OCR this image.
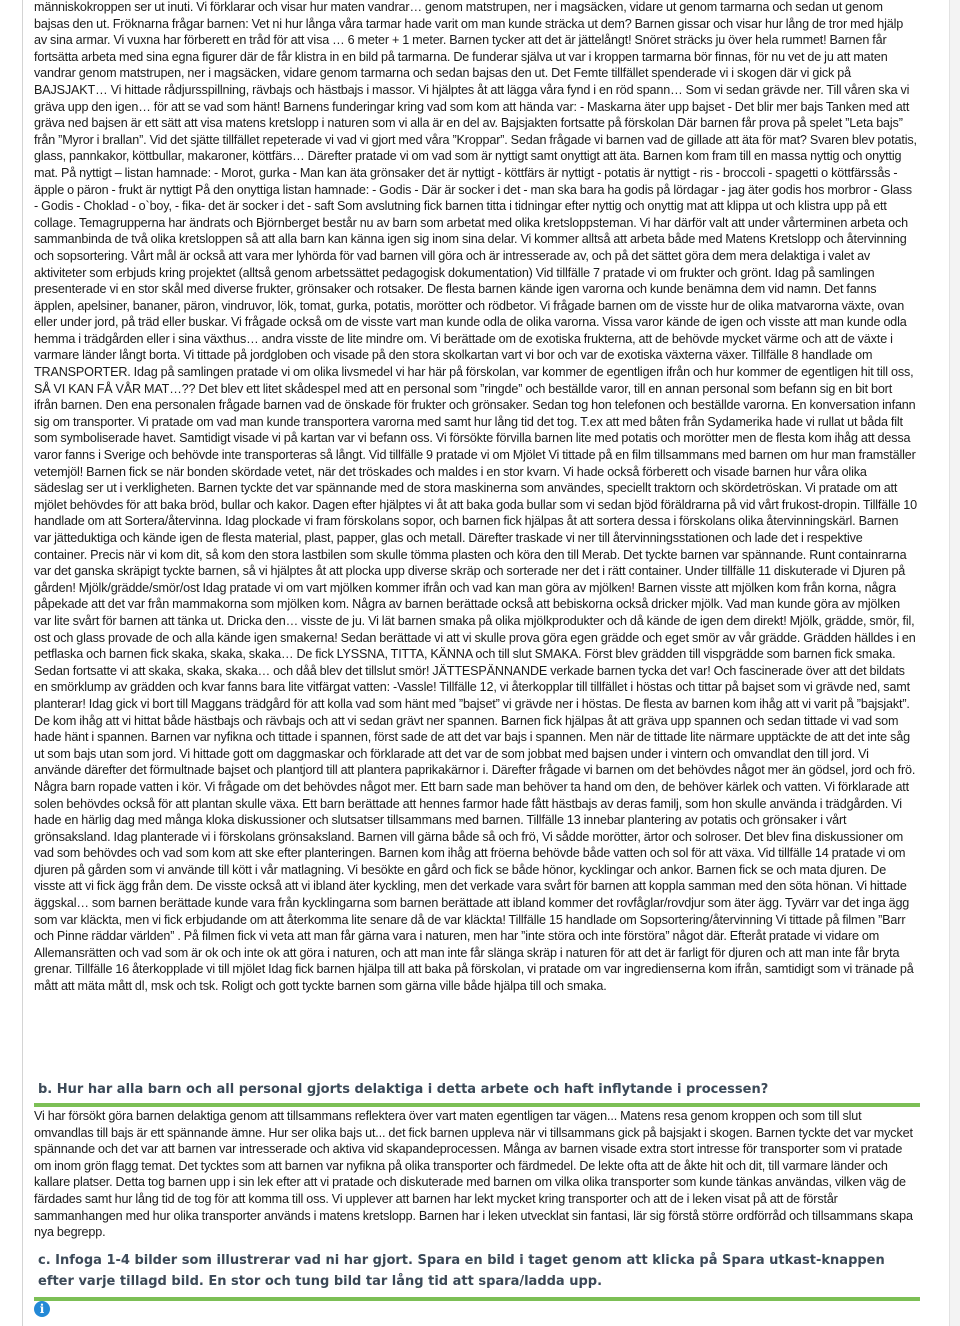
människokroppen ser ut inuti. Vi förklarar och visar hur maten vandrar… genom matstrupen, ner i magsäcken, vidare ut genom tarmarna och sedan ut genom bajsas den ut. Fröknarna frågar barnen: Vet ni hur långa våra tarmar hade varit om man kunde sträcka ut dem? Barnen gissar och visar hur lång de tror med hjälp av sina armar. Vi vuxna har förberett en tråd för att visa … 6 meter + 1 meter. Barnen tycker att det är jättelångt! Snöret sträcks ju över hela rummet! Barnen får fortsätta arbeta med sina egna figurer där de får klistra in en bild på tarmarna. De funderar själva ut var i kroppen tarmarna bör finnas, för nu vet de ju att maten vandrar genom matstrupen, ner i magsäcken, vidare genom tarmarna och sedan bajsas den ut. Det Femte tillfället spenderade vi i skogen där vi gick på BAJSJAKT… Vi hittade rådjursspillning, rävbajs och hästbajs i massor. Vi hjälptes åt att lägga våra fynd i en röd spann… Som vi sedan grävde ner. Till våren ska vi gräva upp den igen… för att se vad som hänt! Barnens funderingar kring vad som kom att hända var: - Maskarna äter upp bajset - Det blir mer bajs Tanken med att gräva ned bajsen är ett sätt att visa matens kretslopp i naturen som vi alla är en del av. Bajsjakten fortsatte på förskolan Där barnen får prova på spelet ”Leta bajs” från ”Myror i brallan”. Vid det sjätte tillfället repeterade vi vad vi gjort med våra ”Kroppar”. Sedan frågade vi barnen vad de gillade att äta för mat? Svaren blev potatis, glass, pannkakor, köttbullar, makaroner, köttfärs… Därefter pratade vi om vad som är nyttigt samt onyttigt att äta. Barnen kom fram till en massa nyttig och onyttig mat. På nyttigt – listan hamnade: - Morot, gurka - Man kan äta grönsaker det är nyttigt - köttfärs är nyttigt - potatis är nyttigt - ris - broccoli - spagetti o köttfärssås - äpple o päron - frukt är nyttigt På den onyttiga listan hamnade: - Godis - Där är socker i det - man ska bara ha godis på lördagar - jag äter godis hos morbror - Glass - Godis - Choklad - o`boy, - fika- det är socker i det - saft Som avslutning fick barnen titta i tidningar efter nyttig och onyttig mat att klippa ut och klistra upp på ett collage. Temagrupperna har ändrats och Björnberget består nu av barn som arbetat med olika kretsloppsteman. Vi har därför valt att under vårterminen arbeta och sammanbinda de två olika kretsloppen så att alla barn kan känna igen sig inom sina delar. Vi kommer alltså att arbeta både med Matens Kretslopp och återvinning och sopsortering. Vårt mål är också att vara mer lyhörda för vad barnen vill göra och är intresserade av, och på det sättet göra dem mera delaktiga i valet av aktiviteter som erbjuds kring projektet (alltså genom arbetssättet pedagogisk dokumentation) Vid tillfälle 7 pratade vi om frukter och grönt. Idag på samlingen presenterade vi en stor skål med diverse frukter, grönsaker och rotsaker. De flesta barnen kände igen varorna och kunde benämna dem vid namn. Det fanns äpplen, apelsiner, bananer, päron, vindruvor, lök, tomat, gurka, potatis, morötter och rödbetor. Vi frågade barnen om de visste hur de olika matvarorna växte, ovan eller under jord, på träd eller buskar. Vi frågade också om de visste vart man kunde odla de olika varorna. Vissa varor kände de igen och visste att man kunde odla hemma i trädgården eller i sina växthus… andra visste de lite mindre om. Vi berättade om de exotiska frukterna, att de behövde mycket värme och att de växte i varmare länder långt borta. Vi tittade på jordgloben och visade på den stora skolkartan vart vi bor och var de exotiska växterna växer. Tillfälle 8 handlade om TRANSPORTER. Idag på samlingen pratade vi om olika livsmedel vi har här på förskolan, var kommer de egentligen ifrån och hur kommer de egentligen hit till oss, SÅ VI KAN FÅ VÅR MAT…?? Det blev ett litet skådespel med att en personal som ”ringde” och beställde varor, till en annan personal som befann sig en bit bort ifrån barnen. Den ena personalen frågade barnen vad de önskade för frukter och grönsaker. Sedan tog hon telefonen och beställde varorna. En konversation infann sig om transporter. Vi pratade om vad man kunde transportera varorna med samt hur lång tid det tog. T.ex att med båten från Sydamerika hade vi rullat ut båda filt som symboliserade havet. Samtidigt visade vi på kartan var vi befann oss. Vi försökte förvilla barnen lite med potatis och morötter men de flesta kom ihåg att dessa varor fanns i Sverige och behövde inte transporteras så långt. Vid tillfälle 9 pratade vi om Mjölet Vi tittade på en film tillsammans med barnen om hur man framställer vetemjöl! Barnen fick se när bonden skördade vetet, när det tröskades och maldes i en stor kvarn. Vi hade också förberett och visade barnen hur våra olika sädeslag ser ut i verkligheten. Barnen tyckte det var spännande med de stora maskinerna som användes, speciellt traktorn och skördetröskan. Vi pratade om att mjölet behövdes för att baka bröd, bullar och kakor. Dagen efter hjälptes vi åt att baka goda bullar som vi sedan bjöd föräldrarna på vid vårt frukost-dropin. Tillfälle 10 handlade om att Sortera/återvinna. Idag plockade vi fram förskolans sopor, och barnen fick hjälpas åt att sortera dessa i förskolans olika återvinningskärl. Barnen var jätteduktiga och kände igen de flesta material, plast, papper, glas och metall. Därefter traskade vi ner till återvinningsstationen och lade det i respektive container. Precis när vi kom dit, så kom den stora lastbilen som skulle tömma plasten och köra den till Merab. Det tyckte barnen var spännande. Runt containrarna var det ganska skräpigt tyckte barnen, så vi hjälptes åt att plocka upp diverse skräp och sorterade ner det i rätt container. Under tillfälle 11 diskuterade vi Djuren på gården! Mjölk/grädde/smör/ost Idag pratade vi om vart mjölken kommer ifrån och vad kan man göra av mjölken! Barnen visste att mjölken kom från korna, några påpekade att det var från mammakorna som mjölken kom. Några av barnen berättade också att bebiskorna också dricker mjölk. Vad man kunde göra av mjölken var lite svårt för barnen att tänka ut. Dricka den… visste de ju. Vi lät barnen smaka på olika mjölkprodukter och då kände de igen dem direkt! Mjölk, grädde, smör, fil, ost och glass provade de och alla kände igen smakerna! Sedan berättade vi att vi skulle prova göra egen grädde och eget smör av vår grädde. Grädden hälldes i en petflaska och barnen fick skaka, skaka, skaka… De fick LYSSNA, TITTA, KÄNNA och till slut SMAKA. Först blev grädden till vispgrädde som barnen fick smaka. Sedan fortsatte vi att skaka, skaka, skaka… och dåå blev det tillslut smör! JÄTTESPÄNNANDE verkade barnen tycka det var! Och fascinerade över att det bildats en smörklump av grädden och kvar fanns bara lite vitfärgat vatten: -Vassle! Tillfälle 12, vi återkopplar till tillfället i höstas och tittar på bajset som vi grävde ned, samt planterar! Idag gick vi bort till Maggans trädgård för att kolla vad som hänt med ”bajset” vi grävde ner i höstas. De flesta av barnen kom ihåg att vi varit på ”bajsjakt”. De kom ihåg att vi hittat både hästbajs och rävbajs och att vi sedan grävt ner spannen. Barnen fick hjälpas åt att gräva upp spannen och sedan tittade vi vad som hade hänt i spannen. Barnen var nyfikna och tittade i spannen, först sade de att det var bajs i spannen. Men när de tittade lite närmare upptäckte de att det inte såg ut som bajs utan som jord. Vi hittade gott om daggmaskar och förklarade att det var de som jobbat med bajsen under i vintern och omvandlat den till jord. Vi använde därefter det förmultnade bajset och plantjord till att plantera paprikakärnor i. Därefter frågade vi barnen om det behövdes något mer än gödsel, jord och frö. Några barn ropade vatten i kör. Vi frågade om det behövdes något mer. Ett barn sade man behöver ta hand om den, de behöver kärlek och vatten. Vi förklarade att solen behövdes också för att plantan skulle växa. Ett barn berättade att hennes farmor hade fått hästbajs av deras familj, som hon skulle använda i trädgården. Vi hade en härlig dag med många kloka diskussioner och slutsatser tillsammans med barnen. Tillfälle 13 innebar plantering av potatis och grönsaker i vårt grönsaksland. Idag planterade vi i förskolans grönsaksland. Barnen vill gärna både så och frö, Vi sådde morötter, ärtor och solroser. Det blev fina diskussioner om vad som behövdes och vad som kom att ske efter planteringen. Barnen kom ihåg att fröerna behövde både vatten och sol för att växa. Vid tillfälle 14 pratade vi om djuren på gården som vi använde till kött i vår matlagning. Vi besökte en gård och fick se både hönor, kycklingar och ankor. Barnen fick se och mata djuren. De visste att vi fick ägg från dem. De visste också att vi ibland äter kyckling, men det verkade vara svårt för barnen att koppla samman med den söta hönan. Vi hittade äggskal… som barnen berättade kunde vara från kycklingarna som barnen berättade att ibland kommer det rovfåglar/rovdjur som äter ägg. Tyvärr var det inga ägg som var kläckta, men vi fick erbjudande om att återkomma lite senare då de var kläckta! Tillfälle 15 handlade om Sopsortering/återvinning Vi tittade på filmen ”Barr och Pinne räddar världen” . På filmen fick vi veta att man får gärna vara i naturen, men har ”inte störa och inte förstöra” något där. Efteråt pratade vi vidare om Allemansrätten och vad som är ok och inte ok att göra i naturen, och att man inte får slänga skräp i naturen för att det är farligt för djuren och att man inte får bryta grenar. Tillfälle 16 återkopplade vi till mjölet Idag fick barnen hjälpa till att baka på förskolan, vi pratade om var ingredienserna kom ifrån, samtidigt som vi tränade på mått att mäta mått dl, msk och tsk. Roligt och gott tyckte barnen som gärna ville både hjälpa till och smaka.

b. Hur har alla barn och all personal gjorts delaktiga i detta arbete och haft inflytande i processen?

Vi har försökt göra barnen delaktiga genom att tillsammans reflektera över vart maten egentligen tar vägen... Matens resa genom kroppen och som till slut omvandlas till bajs är ett spännande ämne. Hur ser olika bajs ut... det fick barnen uppleva när vi tillsammans gick på bajsjakt i skogen. Barnen tyckte det var mycket spännande och det var att barnen var intresserade och aktiva vid skapandeprocessen. Många av barnen visade extra stort intresse för transporter som vi pratade om inom grön flagg temat. Det tycktes som att barnen var nyfikna på olika transporter och färdmedel. De lekte ofta att de åkte hit och dit, till varmare länder och kallare platser. Detta tog barnen upp i sin lek efter att vi pratade och diskuterade med barnen om vilka olika transporter som kunde tänkas användas, vilken väg de färdades samt hur lång tid de tog för att komma till oss. Vi upplever att barnen har lekt mycket kring transporter och att de i leken visat på att de förstår sammanhangen med hur olika transporter används i matens kretslopp. Barnen har i leken utvecklat sin fantasi, lär sig förstå större ordförråd och tillsammans skapa nya begrepp.

c. Infoga 1-4 bilder som illustrerar vad ni har gjort. Spara en bild i taget genom att klicka på Spara utkast-knappen efter varje tillagd bild. En stor och tung bild tar lång tid att spara/ladda upp.
i
